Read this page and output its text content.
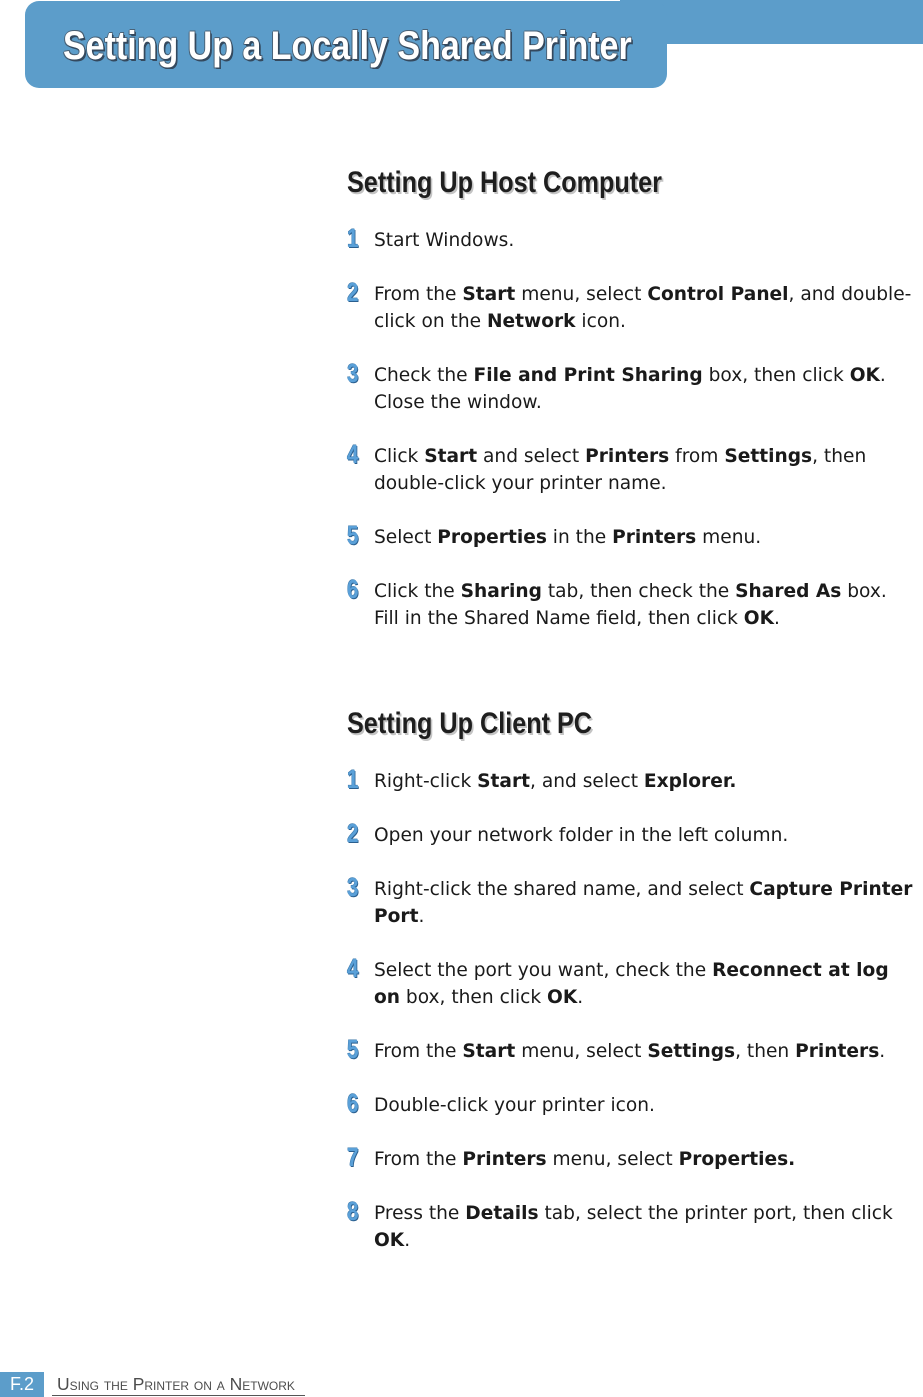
Setting Up a Locally Shared Printer
Setting Up Host Computer
1 Start Windows.
2 From the Start menu, select Control Panel, and double-
click on the Network icon.
3 Check the File and Print Sharing box, then click OK.
Close the window.
4 Click Start and select Printers from Settings, then
double-click your printer name.
5 Select Properties in the Printers menu.
6 Click the Sharing tab, then check the Shared As box.
Fill in the Shared Name field, then click OK.
Setting Up Client PC
1 Right-click Start, and select Explorer.
2 Open your network folder in the left column.
3 Right-click the shared name, and select Capture Printer
Port.
4 Select the port you want, check the Reconnect at log
on box, then click OK.
5 From the Start menu, select Settings, then Printers.
6 Double-click your printer icon.
7 From the Printers menu, select Properties.
8 Press the Details tab, select the printer port, then click
OK.
F.2	Using the Printer on a Network
